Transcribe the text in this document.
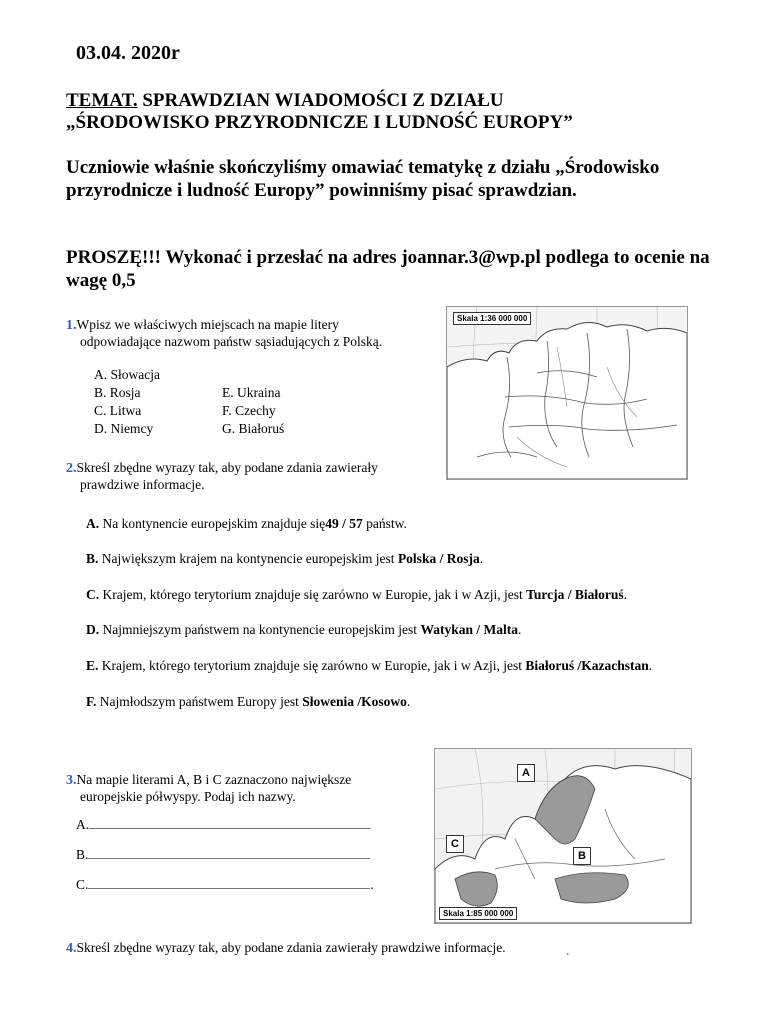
03.04. 2020r
TEMAT. SPRAWDZIAN WIADOMOŚCI Z DZIAŁU
„ŚRODOWISKO PRZYRODNICZE I LUDNOŚĆ EUROPY”
Uczniowie właśnie skończyliśmy omawiać tematykę z działu „Środowisko przyrodnicze i ludność Europy” powinniśmy pisać sprawdzian.
PROSZĘ!!! Wykonać i przesłać na adres joannar.3@wp.pl podlega to ocenie na wagę 0,5
1.Wpisz we właściwych miejscach na mapie litery
odpowiadające nazwom państw sąsiadujących z Polską.
A. Słowacja
B. Rosja
C. Litwa
D. Niemcy
E. Ukraina
F. Czechy
G. Białoruś
Skala 1:36 000 000
2.Skreśl zbędne wyrazy tak, aby podane zdania zawierały
prawdziwe informacje.
A. Na kontynencie europejskim znajduje się49 / 57 państw.
B. Największym krajem na kontynencie europejskim jest Polska / Rosja.
C. Krajem, którego terytorium znajduje się zarówno w Europie, jak i w Azji, jest Turcja / Białoruś.
D. Najmniejszym państwem na kontynencie europejskim jest Watykan / Malta.
E. Krajem, którego terytorium znajduje się zarówno w Europie, jak i w Azji, jest Białoruś /Kazachstan.
F. Najmłodszym państwem Europy jest Słowenia /Kosowo.
3.Na mapie literami A, B i C zaznaczono największe
europejskie półwyspy. Podaj ich nazwy.
A.
B.
C.	.
A
B
C
Skala 1:85 000 000
4.Skreśl zbędne wyrazy tak, aby podane zdania zawierały prawdziwe informacje.	.
